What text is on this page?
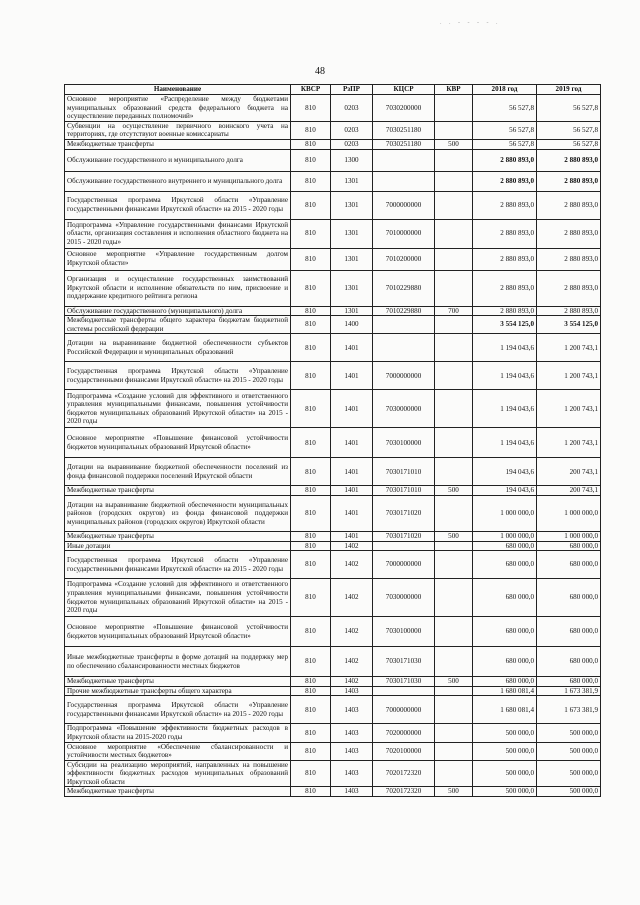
. . ‐ ‐ ‐ ‐ .
48
Наименование	КВСР	РзПР	КЦСР	КВР	2018 год	2019 год
Основное мероприятие «Распределение между бюджетами муниципальных образований средств федерального бюджета на осуществление переданных полномочий»	810	0203	7030200000		56 527,8	56 527,8
Субвенции на осуществление первичного воинского учета на территориях, где отсутствуют военные комиссариаты	810	0203	7030251180		56 527,8	56 527,8
Межбюджетные трансферты	810	0203	7030251180	500	56 527,8	56 527,8
Обслуживание государственного и муниципального долга	810	1300			2 880 893,0	2 880 893,0
Обслуживание государственного внутреннего и муниципального долга	810	1301			2 880 893,0	2 880 893,0
Государственная программа Иркутской области «Управление государственными финансами Иркутской области» на 2015 - 2020 годы	810	1301	7000000000		2 880 893,0	2 880 893,0
Подпрограмма «Управление государственными финансами Иркутской области, организация составления и исполнения областного бюджета на 2015 - 2020 годы»	810	1301	7010000000		2 880 893,0	2 880 893,0
Основное мероприятие «Управление государственным долгом Иркутской области»	810	1301	7010200000		2 880 893,0	2 880 893,0
Организация и осуществление государственных заимствований Иркутской области и исполнение обязательств по ним, присвоение и поддержание кредитного рейтинга региона	810	1301	7010229880		2 880 893,0	2 880 893,0
Обслуживание государственного (муниципального) долга	810	1301	7010229880	700	2 880 893,0	2 880 893,0
Межбюджетные трансферты общего характера бюджетам бюджетной системы российской федерации	810	1400			3 554 125,0	3 554 125,0
Дотации на выравнивание бюджетной обеспеченности субъектов Российской Федерации и муниципальных образований	810	1401			1 194 043,6	1 200 743,1
Государственная программа Иркутской области «Управление государственными финансами Иркутской области» на 2015 - 2020 годы	810	1401	7000000000		1 194 043,6	1 200 743,1
Подпрограмма «Создание условий для эффективного и ответственного управления муниципальными финансами, повышения устойчивости бюджетов муниципальных образований Иркутской области» на 2015 - 2020 годы	810	1401	7030000000		1 194 043,6	1 200 743,1
Основное мероприятие «Повышение финансовой устойчивости бюджетов муниципальных образований Иркутской области»	810	1401	7030100000		1 194 043,6	1 200 743,1
Дотации на выравнивание бюджетной обеспеченности поселений из фонда финансовой поддержки поселений Иркутской области	810	1401	7030171010		194 043,6	200 743,1
Межбюджетные трансферты	810	1401	7030171010	500	194 043,6	200 743,1
Дотации на выравнивание бюджетной обеспеченности муниципальных районов (городских округов) из фонда финансовой поддержки муниципальных районов (городских округов) Иркутской области	810	1401	7030171020		1 000 000,0	1 000 000,0
Межбюджетные трансферты	810	1401	7030171020	500	1 000 000,0	1 000 000,0
Иные дотации	810	1402			680 000,0	680 000,0
Государственная программа Иркутской области «Управление государственными финансами Иркутской области» на 2015 - 2020 годы	810	1402	7000000000		680 000,0	680 000,0
Подпрограмма «Создание условий для эффективного и ответственного управления муниципальными финансами, повышения устойчивости бюджетов муниципальных образований Иркутской области» на 2015 - 2020 годы	810	1402	7030000000		680 000,0	680 000,0
Основное мероприятие «Повышение финансовой устойчивости бюджетов муниципальных образований Иркутской области»	810	1402	7030100000		680 000,0	680 000,0
Иные межбюджетные трансферты в форме дотаций на поддержку мер по обеспечению сбалансированности местных бюджетов	810	1402	7030171030		680 000,0	680 000,0
Межбюджетные трансферты	810	1402	7030171030	500	680 000,0	680 000,0
Прочие межбюджетные трансферты общего характера	810	1403			1 680 081,4	1 673 381,9
Государственная программа Иркутской области «Управление государственными финансами Иркутской области» на 2015 - 2020 годы	810	1403	7000000000		1 680 081,4	1 673 381,9
Подпрограмма «Повышение эффективности бюджетных расходов в Иркутской области на 2015-2020 годы	810	1403	7020000000		500 000,0	500 000,0
Основное мероприятие «Обеспечение сбалансированности и устойчивости местных бюджетов»	810	1403	7020100000		500 000,0	500 000,0
Субсидии на реализацию мероприятий, направленных на повышение эффективности бюджетных расходов муниципальных образований Иркутской области	810	1403	7020172320		500 000,0	500 000,0
Межбюджетные трансферты	810	1403	7020172320	500	500 000,0	500 000,0
